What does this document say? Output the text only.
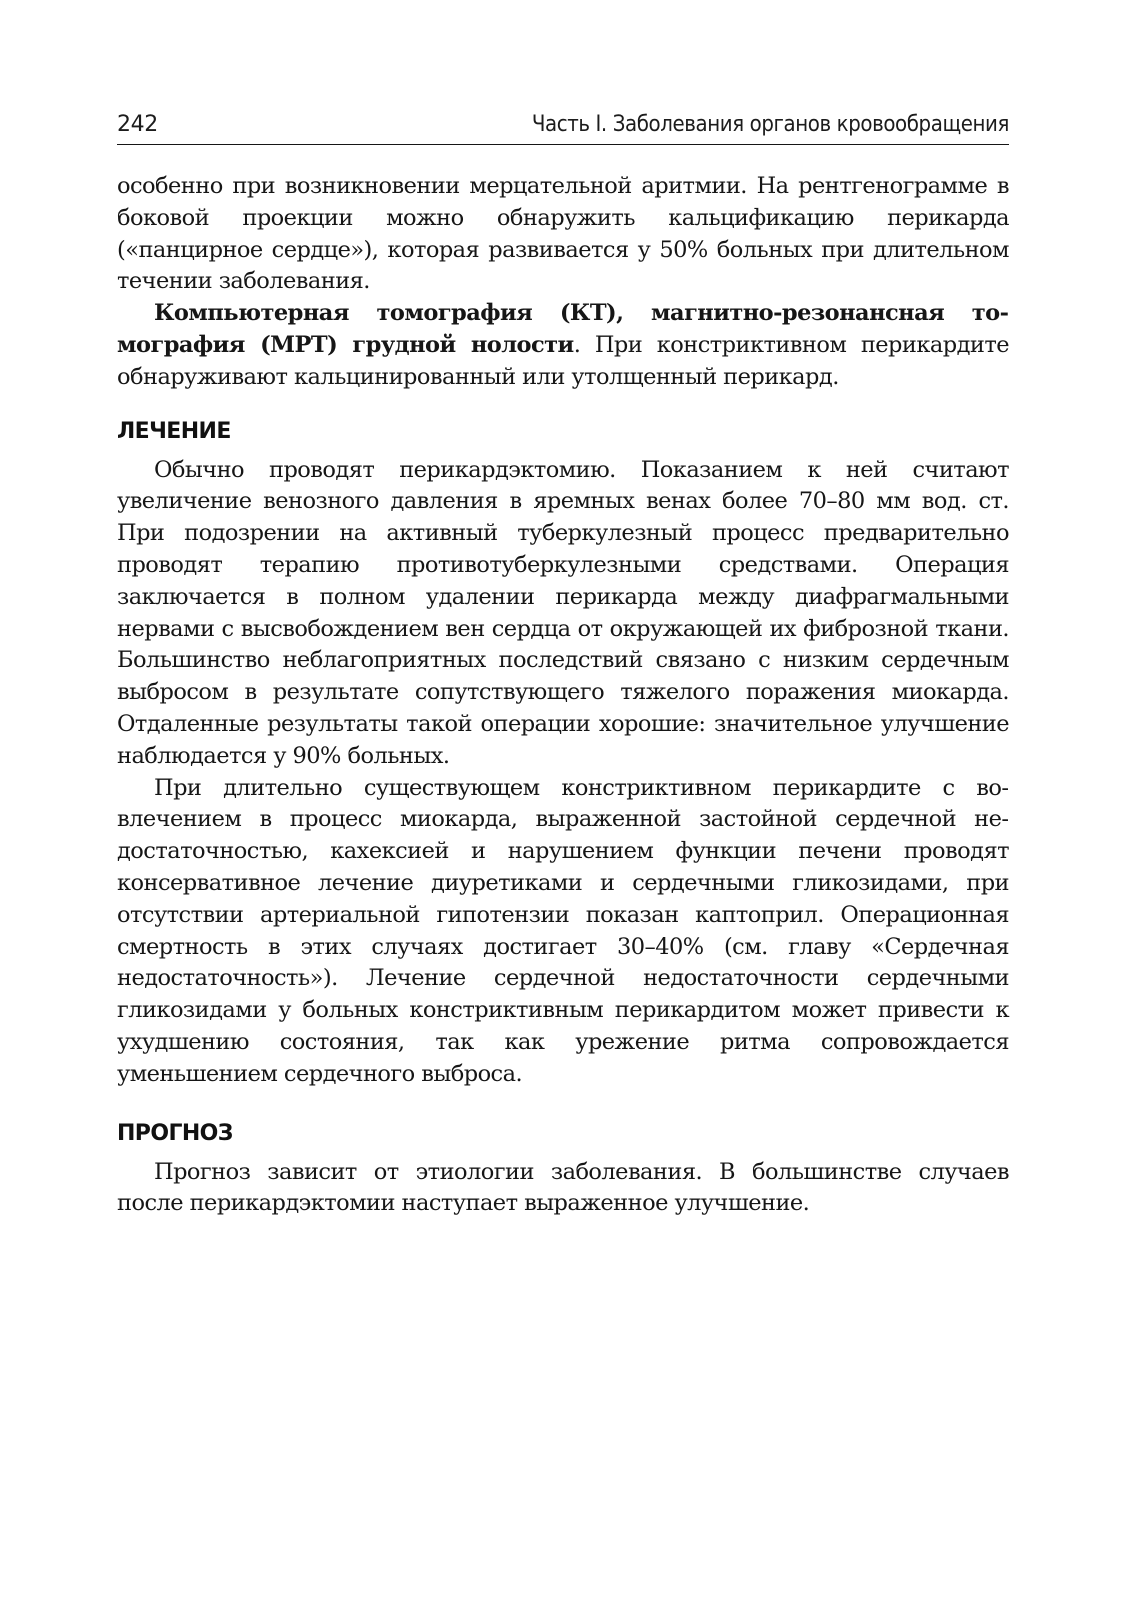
242	Часть I. Заболевания органов кровообращения

особенно при возникновении мерцательной аритмии. На рентгенограмме в боковой проекции можно обнаружить кальцификацию перикарда («панцирное сердце»), которая развивается у 50% больных при длительном течении заболевания.

Компьютерная томография (КТ), магнитно-резонансная томография (МРТ) грудной нолости. При констриктивном перикардите обнаруживают кальцинированный или утолщенный перикард.

ЛЕЧЕНИЕ

Обычно проводят перикардэктомию. Показанием к ней считают увеличение венозного давления в яремных венах более 70–80 мм вод. ст. При подозрении на активный туберкулезный процесс предварительно проводят терапию противотуберкулезными средствами. Операция заключается в полном удалении перикарда между диафрагмальными нервами с высвобождением вен сердца от окружающей их фиброзной ткани. Большинство неблагоприятных последствий связано с низким сердечным выбросом в результате сопутствующего тяжелого поражения миокарда. Отдаленные результаты такой операции хорошие: значительное улучшение наблюдается у 90% больных.

При длительно существующем констриктивном перикардите с вовлечением в процесс миокарда, выраженной застойной сердечной недостаточностью, кахексией и нарушением функции печени проводят консервативное лечение диуретиками и сердечными гликозидами, при отсутствии артериальной гипотензии показан каптоприл. Операционная смертность в этих случаях достигает 30–40% (см. главу «Сердечная недостаточность»). Лечение сердечной недостаточности сердечными гликозидами у больных констриктивным перикардитом может привести к ухудшению состояния, так как урежение ритма сопровождается уменьшением сердечного выброса.

ПРОГНОЗ

Прогноз зависит от этиологии заболевания. В большинстве случаев после перикардэктомии наступает выраженное улучшение.
